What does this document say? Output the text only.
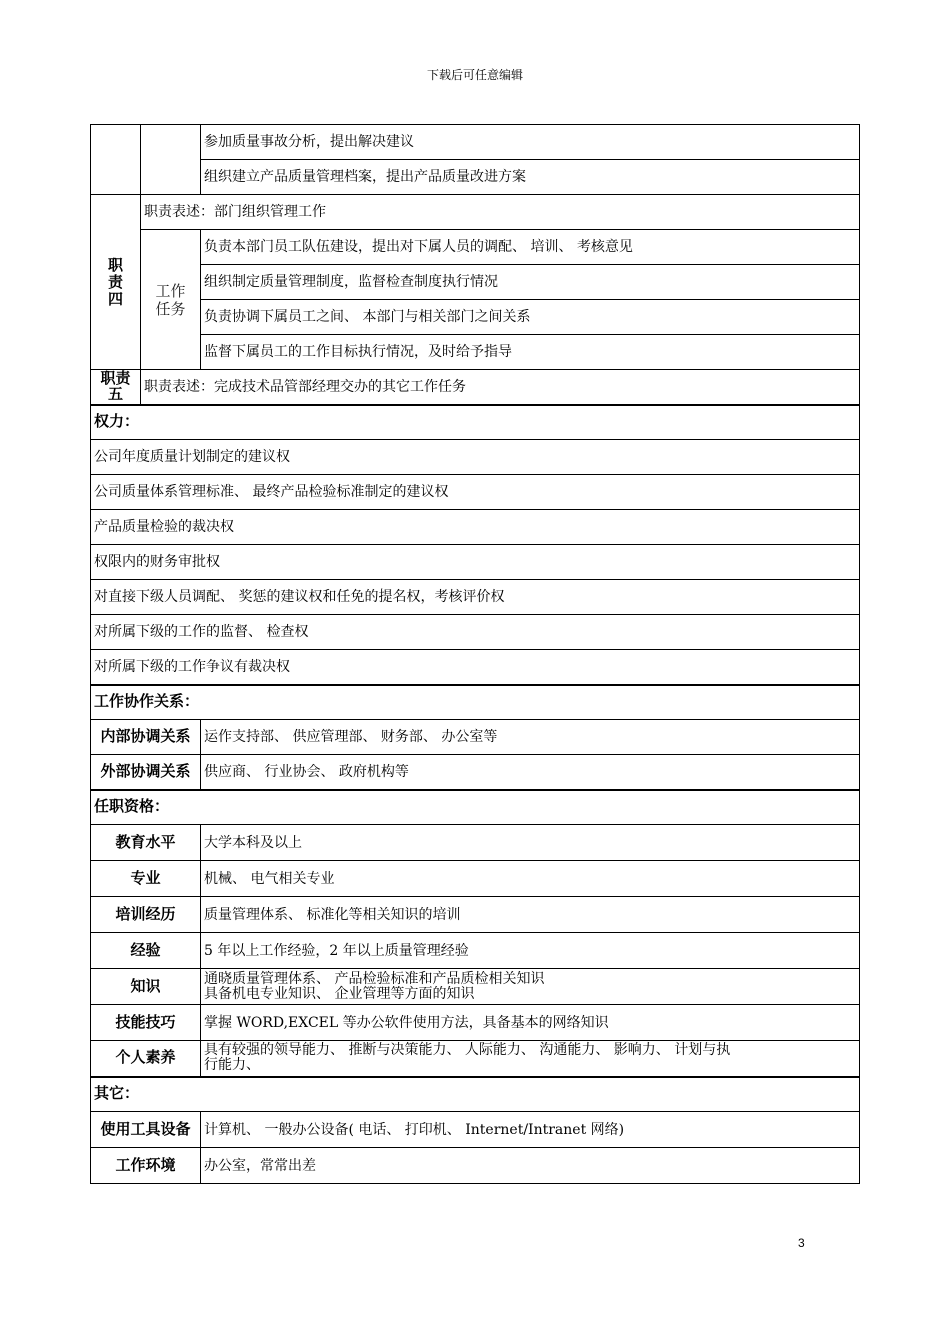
下载后可任意编辑
		参加质量事故分析，提出解决建议
		组织建立产品质量管理档案，提出产品质量改进方案
职责四	职责表述：部门组织管理工作	
	工作任务	负责本部门员工队伍建设，提出对下属人员的调配、 培训、 考核意见
		组织制定质量管理制度，监督检查制度执行情况
		负责协调下属员工之间、 本部门与相关部门之间关系
		监督下属员工的工作目标执行情况，及时给予指导
职责五	职责表述：完成技术品管部经理交办的其它工作任务	
权力：		
公司年度质量计划制定的建议权		
公司质量体系管理标准、 最终产品检验标准制定的建议权		
产品质量检验的裁决权		
权限内的财务审批权		
对直接下级人员调配、 奖惩的建议权和任免的提名权，考核评价权		
对所属下级的工作的监督、 检查权		
对所属下级的工作争议有裁决权		
工作协作关系：		
内部协调关系		运作支持部、 供应管理部、 财务部、 办公室等
外部协调关系		供应商、 行业协会、 政府机构等
任职资格：		
教育水平		大学本科及以上
专业		机械、 电气相关专业
培训经历		质量管理体系、 标准化等相关知识的培训
经验		5 年以上工作经验，2 年以上质量管理经验
知识		通晓质量管理体系、 产品检验标准和产品质检相关知识
具备机电专业知识、 企业管理等方面的知识

技能技巧		掌握 WORD,EXCEL 等办公软件使用方法，具备基本的网络知识
个人素养		具有较强的领导能力、 推断与决策能力、 人际能力、 沟通能力、 影响力、 计划与执
行能力、

其它：		
使用工具设备		计算机、 一般办公设备( 电话、 打印机、 Internet/Intranet 网络)
工作环境		办公室，常常出差
3
